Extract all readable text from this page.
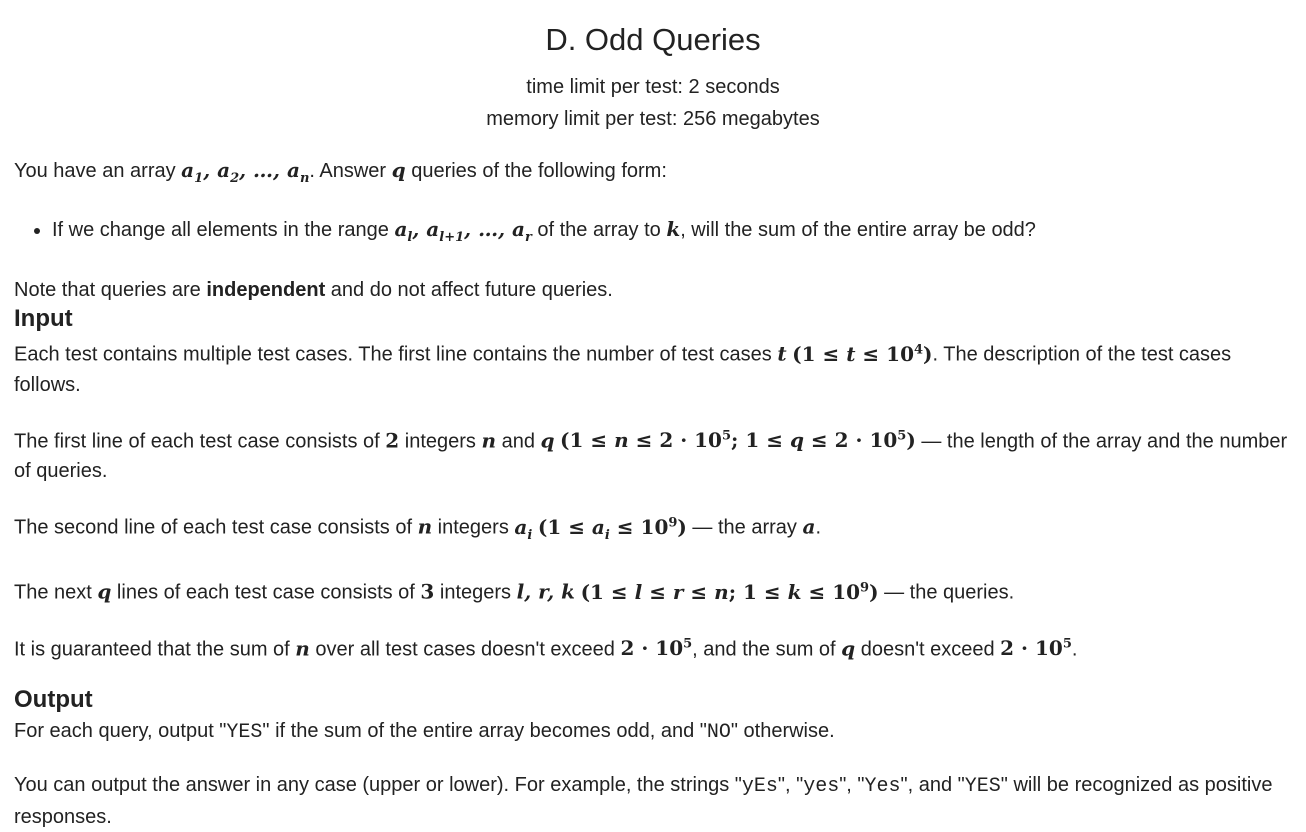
D. Odd Queries
time limit per test: 2 seconds
memory limit per test: 256 megabytes

You have an array $a_1$, $a_2$, …, $a_n$. Answer q queries of the following form:

• If we change all elements in the range $a_l$, $a_{l+1}$, …, $a_r$ of the array to k, will the sum of the entire array be odd?

Note that queries are independent and do not affect future queries.

Input

Each test contains multiple test cases. The first line contains the number of test cases t $(1 \le t \le 10^4)$. The description of the test cases follows.

The first line of each test case consists of 2 integers n and q ($1 \le n \le 2 \cdot 10^5$; $1 \le q \le 2 \cdot 10^5$) — the length of the array and the number of queries.

The second line of each test case consists of n integers $a_i$ $(1 \le a_i \le 10^9)$ — the array a.

The next q lines of each test case consists of 3 integers l, r, k (1 ≤ l ≤ r ≤ n; $1 \le k \le 10^9$) — the queries.

It is guaranteed that the sum of n over all test cases doesn't exceed $2 \cdot 10^5$, and the sum of q doesn't exceed $2 \cdot 10^5$.

Output

For each query, output "YES" if the sum of the entire array becomes odd, and "NO" otherwise.

You can output the answer in any case (upper or lower). For example, the strings "yEs", "yes", "Yes", and "YES" will be recognized as positive responses.
